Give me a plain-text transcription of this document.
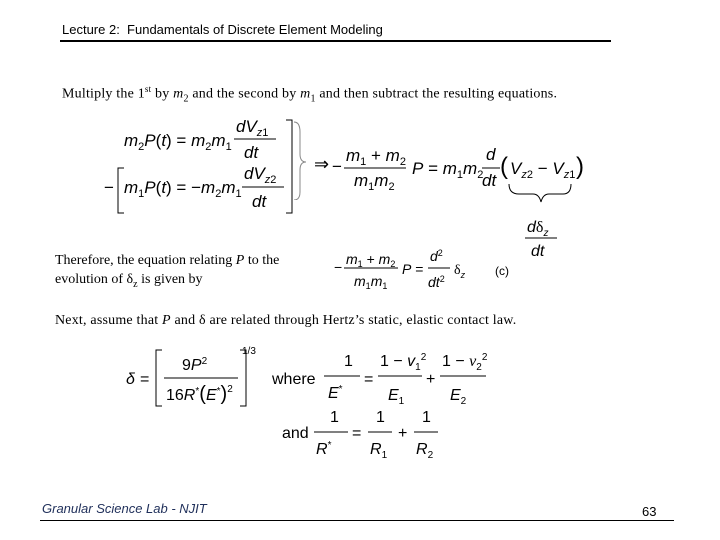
Lecture 2:  Fundamentals of Discrete Element Modeling
Multiply the 1st by $m_2$ and the second by $m_1$ and then subtract the resulting equations.
$m_2P(t) = m_2m_1$
$dV_z1$
dt
− $m_1P(t) = -m_2m_1$
$dV_z2$
dt
⇒ −
$m_1 + m_2$
$m_1m_2$
$P = m_1m_2$
d
dt
( $V_z2 - V_z1$ )
$d\delta_z$
dt
Therefore, the equation relating P to the
evolution of $\delta_z$ is given by
− $m_1 + m_2$
$m_1m_1$
P =
$d^2$
$dt^2$
$\delta_z$ (c)
Next, assume that P and δ are related through Hertz’s static, elastic contact law.
δ =
$9P^2$
$16R^*(E^*)^2$
1/3
where
1
E*
=
$1 - v_1^2$
$E_1$
+
$1 - \nu_2^2$
$E_2$
and
1
R*
=
1
$R_1$
+
1
$R_2$
Granular Science Lab - NJIT	63
